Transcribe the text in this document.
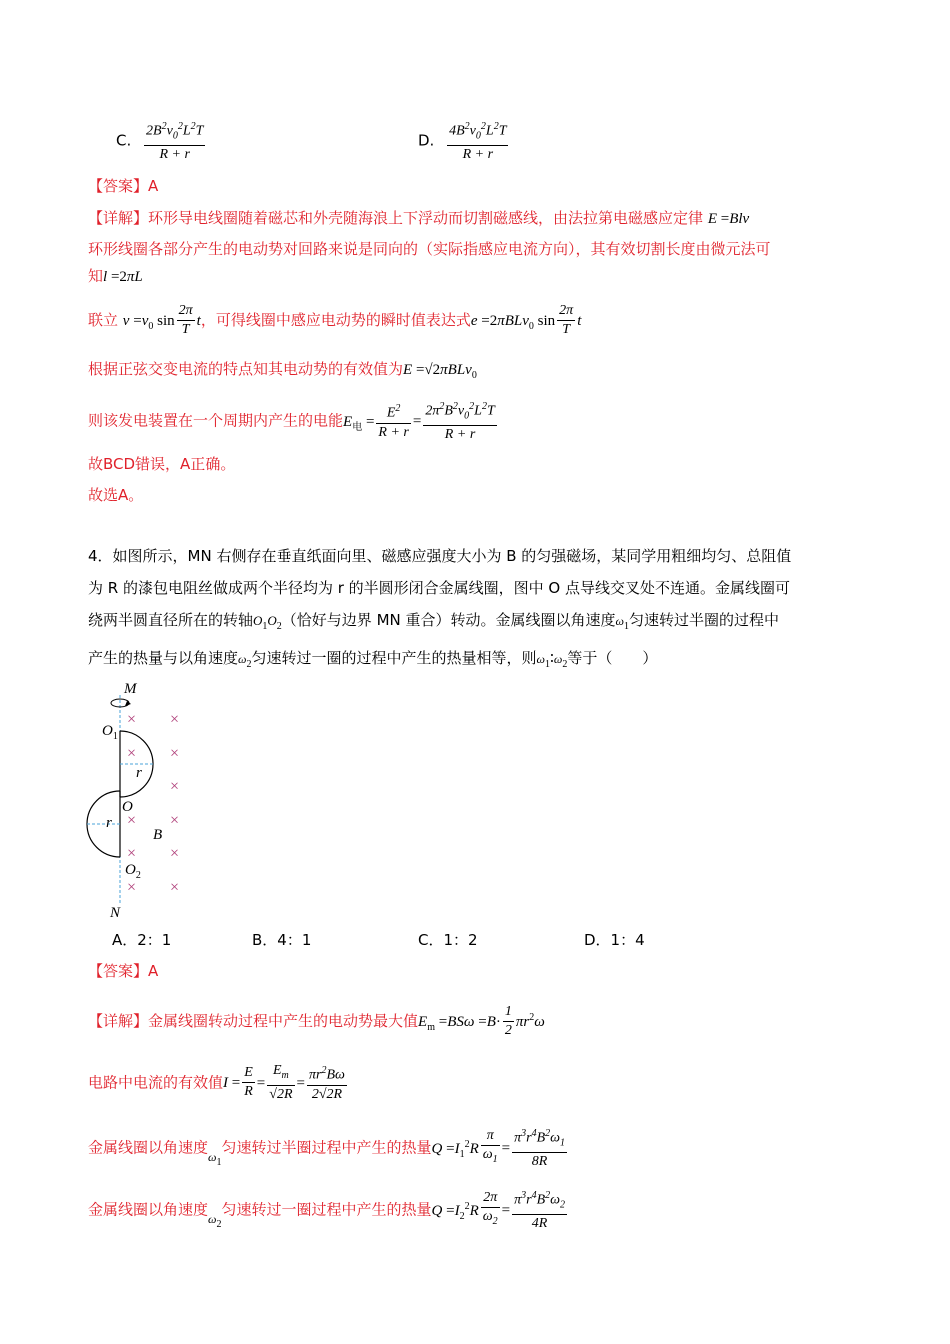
C. $\frac{2B^2v_0^2L^2T}{R + r}$	D. $\frac{4B^2v_0^2L^2T}{R + r}$
【答案】A
【详解】环形导电线圈随着磁芯和外壳随海浪上下浮动而切割磁感线，由法拉第电磁感应定律 E =Blv
环形线圈各部分产生的电动势对回路来说是同向的（实际指感应电流方向），其有效切割长度由微元法可
知l =2πL
联立 $v =v_0$ $\sin \frac{2\pi}{T}$ t，可得线圈中感应电动势的瞬时值表达式e =2πBLv$_0$ $\sin \frac{2\pi}{T}$ t
根据正弦交变电流的特点知其电动势的有效值为E =√2πBLv$_0$
则该发电装置在一个周期内产生的电能$E_电 = \frac{E^2}{R + r} = \frac{2\pi^2B^2v_0^2L^2T}{R + r}$
故BCD错误，A正确。
故选A。
4．如图所示，MN 右侧存在垂直纸面向里、磁感应强度大小为 B 的匀强磁场，某同学用粗细均匀、总阻值
为 R 的漆包电阻丝做成两个半径均为 r 的半圆形闭合金属线圈，图中 O 点导线交叉处不连通。金属线圈可
绕两半圆直径所在的转轴$O_1O_2$（恰好与边界 MN 重合）转动。金属线圈以角速度$\omega_1$匀速转过半圈的过程中
产生的热量与以角速度$\omega_2$匀速转过一圈的过程中产生的热量相等，则$\omega_1∶\omega_2$等于（　　）
M
$O_1$
r
O
r
B
$O_2$
N
× ×
× ×
×
× ×
× ×
× ×
A．2：1	B．4：1	C．1：2	D．1：4
【答案】A
【详解】金属线圈转动过程中产生的电动势最大值$E_m =BS\omega =B\cdot \frac{1}{2} \pi r^2\omega$
电路中电流的有效值$I = \frac{E}{R} = \frac{E_m}{√2R} = \frac{\pi r^2B\omega}{2√2R}$
金属线圈以角速度$\omega_1$匀速转过半圈过程中产生的热量$Q =I_1^2R \frac{\pi}{\omega_1} = \frac{\pi^3r^4B^2\omega_1}{8R}$
金属线圈以角速度$\omega_2$匀速转过一圈过程中产生的热量$Q =I_2^2R \frac{2\pi}{\omega_2} = \frac{\pi^3r^4B^2\omega_2}{4R}$
